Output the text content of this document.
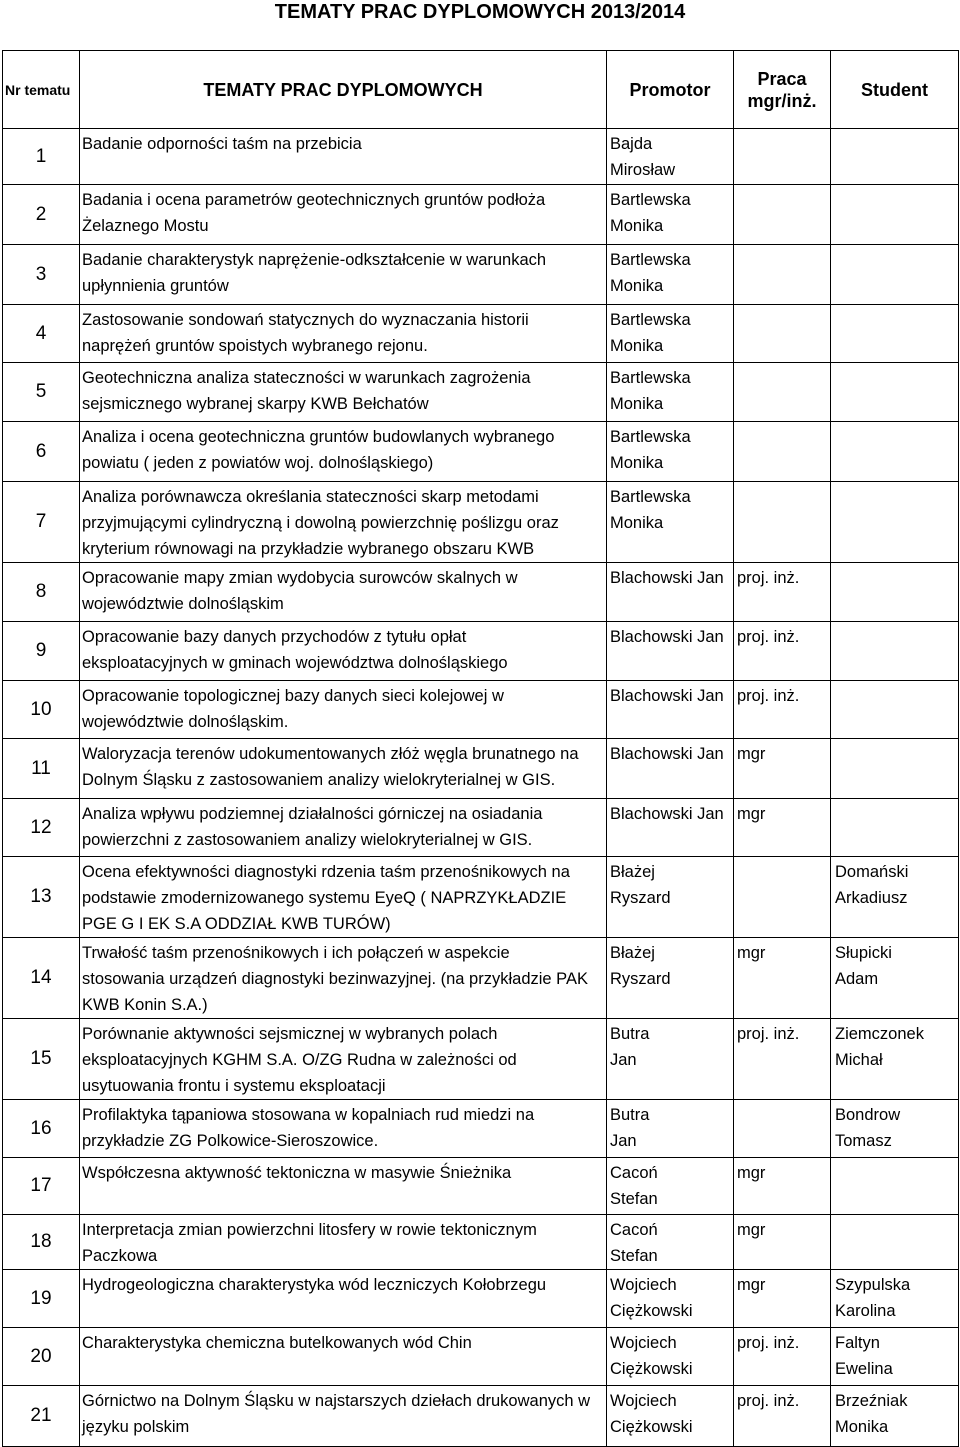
TEMATY PRAC DYPLOMOWYCH 2013/2014
Nr tematu	TEMATY PRAC DYPLOMOWYCH	Promotor	Praca
mgr/inż.	Student
1	Badanie odporności taśm na przebicia	Bajda
Mirosław		

2	Badania i ocena parametrów geotechnicznych gruntów podłoża
Żelaznego Mostu	Bartlewska
Monika		

3	Badanie charakterystyk naprężenie-odkształcenie w warunkach
upłynnienia gruntów	Bartlewska
Monika		

4	Zastosowanie sondowań statycznych do wyznaczania historii
naprężeń gruntów spoistych wybranego rejonu.	Bartlewska
Monika		

5	Geotechniczna analiza stateczności w warunkach zagrożenia
sejsmicznego wybranej skarpy KWB Bełchatów	Bartlewska
Monika		

6	Analiza i ocena geotechniczna gruntów budowlanych wybranego
powiatu ( jeden z powiatów woj. dolnośląskiego)	Bartlewska
Monika		

7	Analiza porównawcza określania stateczności skarp metodami
przyjmującymi cylindryczną i dowolną powierzchnię poślizgu oraz
kryterium równowagi na przykładzie wybranego obszaru KWB	Bartlewska
Monika		

8	Opracowanie mapy zmian wydobycia surowców skalnych w
województwie dolnośląskim	Blachowski Jan	proj. inż.	
9	Opracowanie bazy danych przychodów z tytułu opłat
eksploatacyjnych w gminach województwa dolnośląskiego	Blachowski Jan	proj. inż.	
10	Opracowanie topologicznej bazy danych sieci kolejowej w
województwie dolnośląskim.	Blachowski Jan	proj. inż.	
11	Waloryzacja terenów udokumentowanych złóż węgla brunatnego na
Dolnym Śląsku z zastosowaniem analizy wielokryterialnej w GIS.	Blachowski Jan	mgr	
12	Analiza wpływu podziemnej działalności górniczej na osiadania
powierzchni z zastosowaniem analizy wielokryterialnej w GIS.	Blachowski Jan	mgr	
13	Ocena efektywności diagnostyki rdzenia taśm przenośnikowych na
podstawie zmodernizowanego systemu EyeQ ( NAPRZYKŁADZIE
PGE G I EK S.A ODDZIAŁ KWB TURÓW)	Błażej
Ryszard		Domański
Arkadiusz

14	Trwałość taśm przenośnikowych i ich połączeń w aspekcie
stosowania urządzeń diagnostyki bezinwazyjnej. (na przykładzie PAK
KWB Konin S.A.)	Błażej
Ryszard	mgr	Słupicki
Adam

15	Porównanie aktywności sejsmicznej w wybranych polach
eksploatacyjnych KGHM S.A. O/ZG Rudna w zależności od
usytuowania frontu i systemu eksploatacji	Butra
Jan	proj. inż.	Ziemczonek
Michał

16	Profilaktyka tąpaniowa stosowana w kopalniach rud miedzi na
przykładzie ZG Polkowice-Sieroszowice.	Butra
Jan		Bondrow
Tomasz

17	Współczesna aktywność tektoniczna w masywie Śnieżnika	Cacoń
Stefan	mgr	
18	Interpretacja zmian powierzchni litosfery w rowie tektonicznym
Paczkowa	Cacoń
Stefan	mgr	
19	Hydrogeologiczna charakterystyka wód leczniczych Kołobrzegu	Wojciech
Ciężkowski	mgr	Szypulska
Karolina

20	Charakterystyka chemiczna butelkowanych wód Chin	Wojciech
Ciężkowski	proj. inż.	Faltyn
Ewelina

21	Górnictwo na Dolnym Śląsku w najstarszych dziełach drukowanych w
języku polskim	Wojciech
Ciężkowski	proj. inż.	Brzeźniak
Monika
